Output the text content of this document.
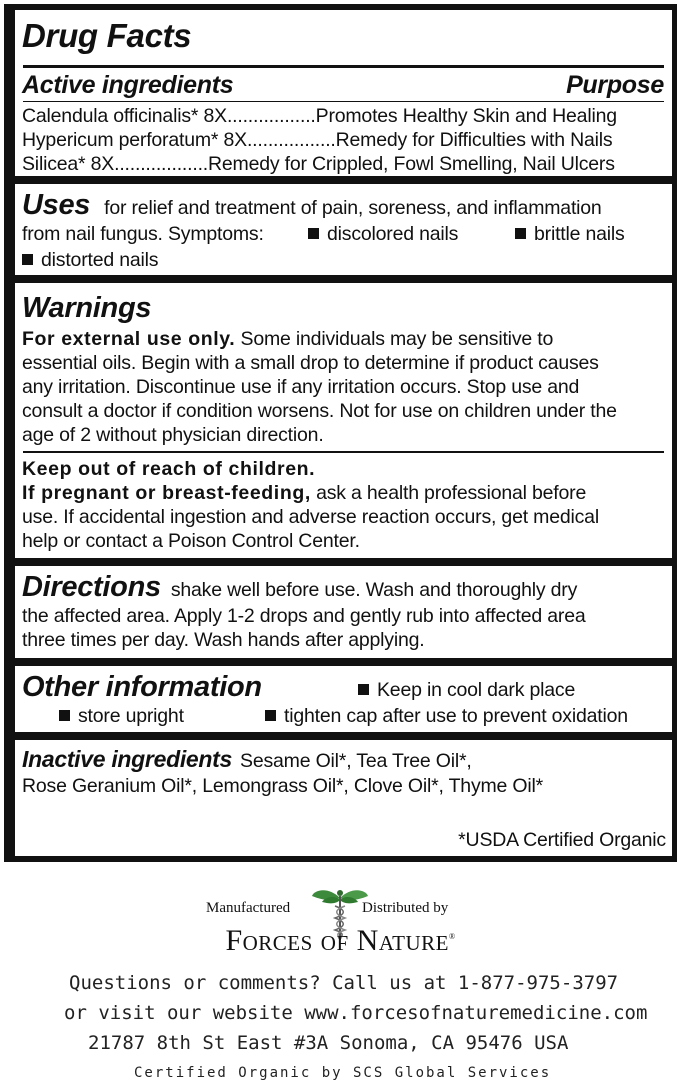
Drug Facts
Active ingredients	Purpose
Calendula officinalis* 8X.................Promotes Healthy Skin and Healing
Hypericum perforatum* 8X.................Remedy for Difficulties with Nails
Silicea* 8X..................Remedy for Crippled, Fowl Smelling, Nail Ulcers
Uses for relief and treatment of pain, soreness, and inflammation
from nail fungus. Symptoms:	discolored nails	brittle nails
distorted nails
Warnings
For external use only. Some individuals may be sensitive to
essential oils. Begin with a small drop to determine if product causes
any irritation. Discontinue use if any irritation occurs. Stop use and
consult a doctor if condition worsens. Not for use on children under the
age of 2 without physician direction.
Keep out of reach of children.
If pregnant or breast-feeding, ask a health professional before
use. If accidental ingestion and adverse reaction occurs, get medical
help or contact a Poison Control Center.
Directions shake well before use. Wash and thoroughly dry
the affected area. Apply 1-2 drops and gently rub into affected area
three times per day. Wash hands after applying.
Other information	Keep in cool dark place
store upright	tighten cap after use to prevent oxidation
Inactive ingredients Sesame Oil*, Tea Tree Oil*,
Rose Geranium Oil*, Lemongrass Oil*, Clove Oil*, Thyme Oil*
*USDA Certified Organic
Manufactured	Distributed by
Forces of Nature®
Questions or comments? Call us at 1-877-975-3797
or visit our website www.forcesofnaturemedicine.com
21787 8th St East #3A Sonoma, CA 95476 USA
Certified Organic by SCS Global Services
